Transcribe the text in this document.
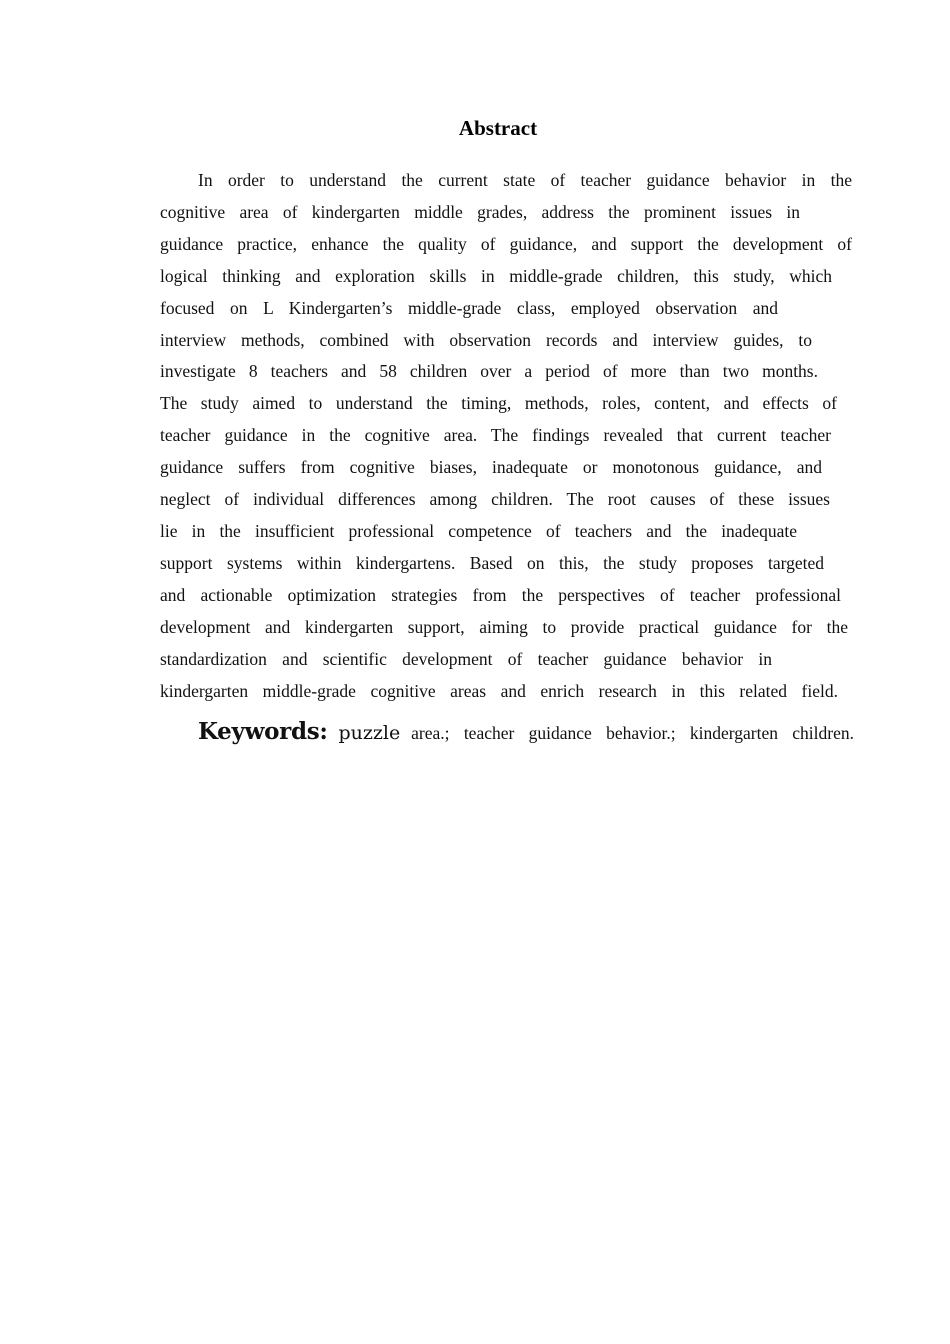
Abstract
In order to understand the current state of teacher guidance behavior in the
cognitive area of kindergarten middle grades, address the prominent issues in
guidance practice, enhance the quality of guidance, and support the development of
logical thinking and exploration skills in middle-grade children, this study, which
focused on L Kindergarten’s middle-grade class, employed observation and
interview methods, combined with observation records and interview guides, to
investigate 8 teachers and 58 children over a period of more than two months.
The study aimed to understand the timing, methods, roles, content, and effects of
teacher guidance in the cognitive area. The findings revealed that current teacher
guidance suffers from cognitive biases, inadequate or monotonous guidance, and
neglect of individual differences among children. The root causes of these issues
lie in the insufficient professional competence of teachers and the inadequate
support systems within kindergartens. Based on this, the study proposes targeted
and actionable optimization strategies from the perspectives of teacher professional
development and kindergarten support, aiming to provide practical guidance for the
standardization and scientific development of teacher guidance behavior in
kindergarten middle-grade cognitive areas and enrich research in this related field.
Keywords: puzzle area.; teacher guidance behavior.; kindergarten children.
